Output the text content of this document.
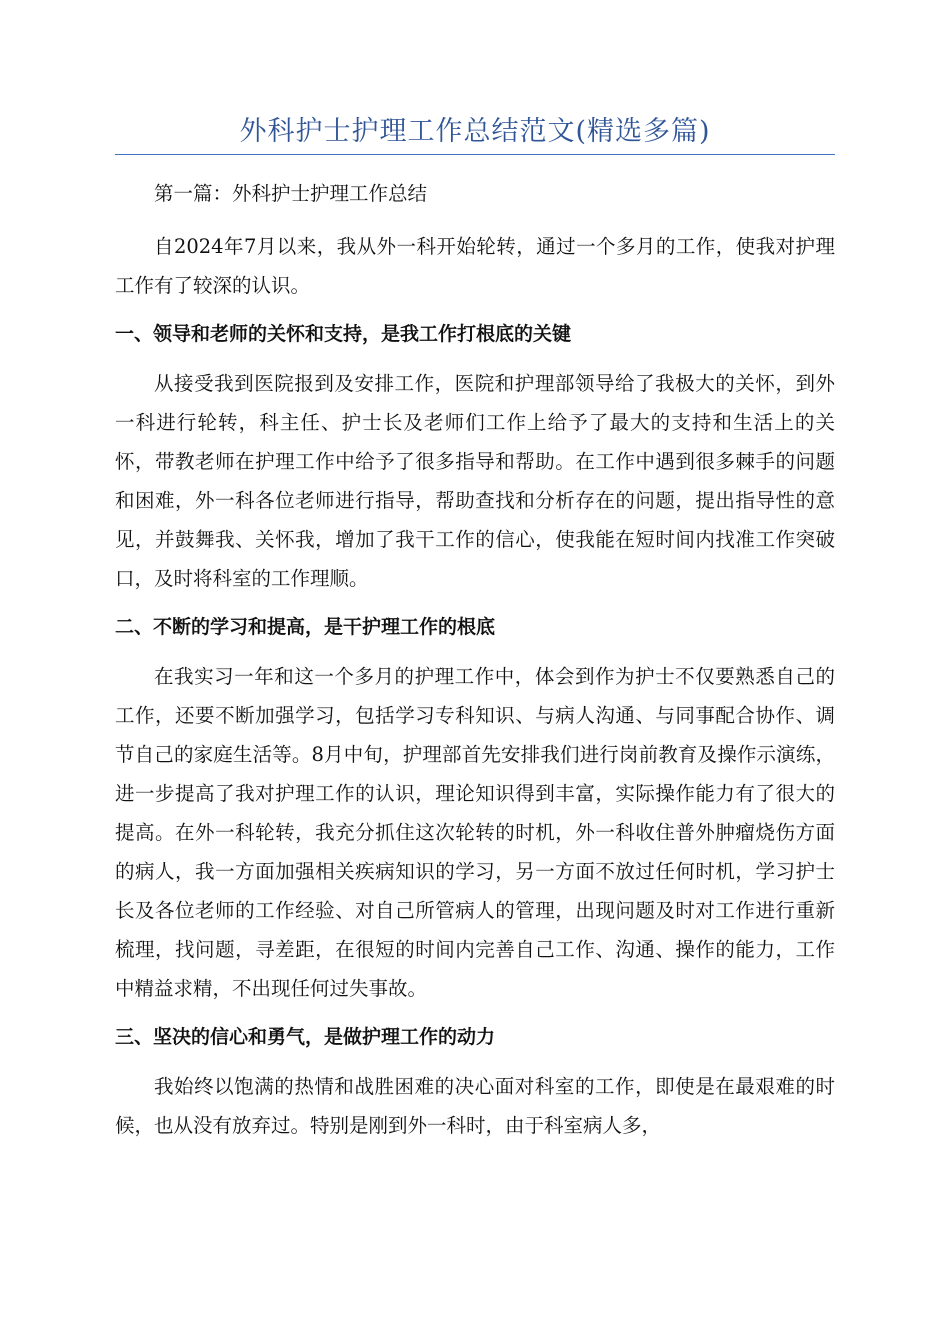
外科护士护理工作总结范文(精选多篇)

第一篇：外科护士护理工作总结

自2024年7月以来，我从外一科开始轮转，通过一个多月的工作，使我对护理工作有了较深的认识。

一、领导和老师的关怀和支持，是我工作打根底的关键

从接受我到医院报到及安排工作，医院和护理部领导给了我极大的关怀，到外一科进行轮转，科主任、护士长及老师们工作上给予了最大的支持和生活上的关怀，带教老师在护理工作中给予了很多指导和帮助。在工作中遇到很多棘手的问题和困难，外一科各位老师进行指导，帮助查找和分析存在的问题，提出指导性的意见，并鼓舞我、关怀我，增加了我干工作的信心，使我能在短时间内找准工作突破口，及时将科室的工作理顺。

二、不断的学习和提高，是干护理工作的根底

在我实习一年和这一个多月的护理工作中，体会到作为护士不仅要熟悉自己的工作，还要不断加强学习，包括学习专科知识、与病人沟通、与同事配合协作、调节自己的家庭生活等。8月中旬，护理部首先安排我们进行岗前教育及操作示演练，进一步提高了我对护理工作的认识，理论知识得到丰富，实际操作能力有了很大的提高。在外一科轮转，我充分抓住这次轮转的时机，外一科收住普外肿瘤烧伤方面的病人，我一方面加强相关疾病知识的学习，另一方面不放过任何时机，学习护士长及各位老师的工作经验、对自己所管病人的管理，出现问题及时对工作进行重新梳理，找问题，寻差距，在很短的时间内完善自己工作、沟通、操作的能力，工作中精益求精，不出现任何过失事故。

三、坚决的信心和勇气，是做护理工作的动力

我始终以饱满的热情和战胜困难的决心面对科室的工作，即使是在最艰难的时候，也从没有放弃过。特别是刚到外一科时，由于科室病人多，
